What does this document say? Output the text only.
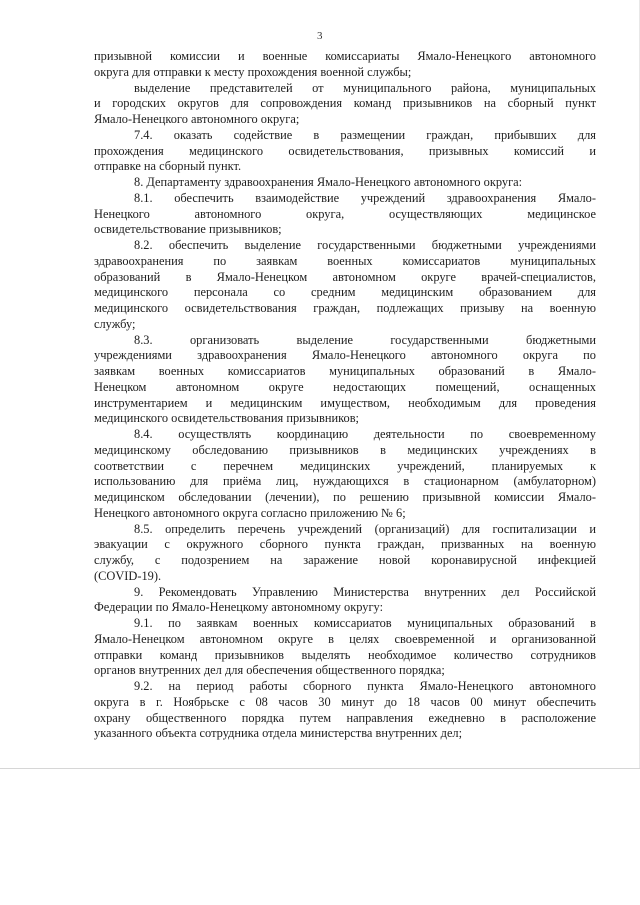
3
призывной комиссии и военные комиссариаты Ямало-Ненецкого автономного
округа для отправки к месту прохождения военной службы;
выделение представителей от муниципального района, муниципальных
и городских округов для сопровождения команд призывников на сборный пункт
Ямало-Ненецкого автономного округа;
7.4. оказать содействие в размещении граждан, прибывших для
прохождения медицинского освидетельствования, призывных комиссий и
отправке на сборный пункт.
8. Департаменту здравоохранения Ямало-Ненецкого автономного округа:
8.1. обеспечить взаимодействие учреждений здравоохранения Ямало-
Ненецкого автономного округа, осуществляющих медицинское
освидетельствование призывников;
8.2. обеспечить выделение государственными бюджетными учреждениями
здравоохранения по заявкам военных комиссариатов муниципальных
образований в Ямало-Ненецком автономном округе врачей-специалистов,
медицинского персонала со средним медицинским образованием для
медицинского освидетельствования граждан, подлежащих призыву на военную
службу;
8.3. организовать выделение государственными бюджетными
учреждениями здравоохранения Ямало-Ненецкого автономного округа по
заявкам военных комиссариатов муниципальных образований в Ямало-
Ненецком автономном округе недостающих помещений, оснащенных
инструментарием и медицинским имуществом, необходимым для проведения
медицинского освидетельствования призывников;
8.4. осуществлять координацию деятельности по своевременному
медицинскому обследованию призывников в медицинских учреждениях в
соответствии с перечнем медицинских учреждений, планируемых к
использованию для приёма лиц, нуждающихся в стационарном (амбулаторном)
медицинском обследовании (лечении), по решению призывной комиссии Ямало-
Ненецкого автономного округа согласно приложению № 6;
8.5. определить перечень учреждений (организаций) для госпитализации и
эвакуации с окружного сборного пункта граждан, призванных на военную
службу, с подозрением на заражение новой коронавирусной инфекцией
(COVID-19).
9. Рекомендовать Управлению Министерства внутренних дел Российской
Федерации по Ямало-Ненецкому автономному округу:
9.1. по заявкам военных комиссариатов муниципальных образований в
Ямало-Ненецком автономном округе в целях своевременной и организованной
отправки команд призывников выделять необходимое количество сотрудников
органов внутренних дел для обеспечения общественного порядка;
9.2. на период работы сборного пункта Ямало-Ненецкого автономного
округа в г. Ноябрьске с 08 часов 30 минут до 18 часов 00 минут обеспечить
охрану общественного порядка путем направления ежедневно в расположение
указанного объекта сотрудника отдела министерства внутренних дел;
